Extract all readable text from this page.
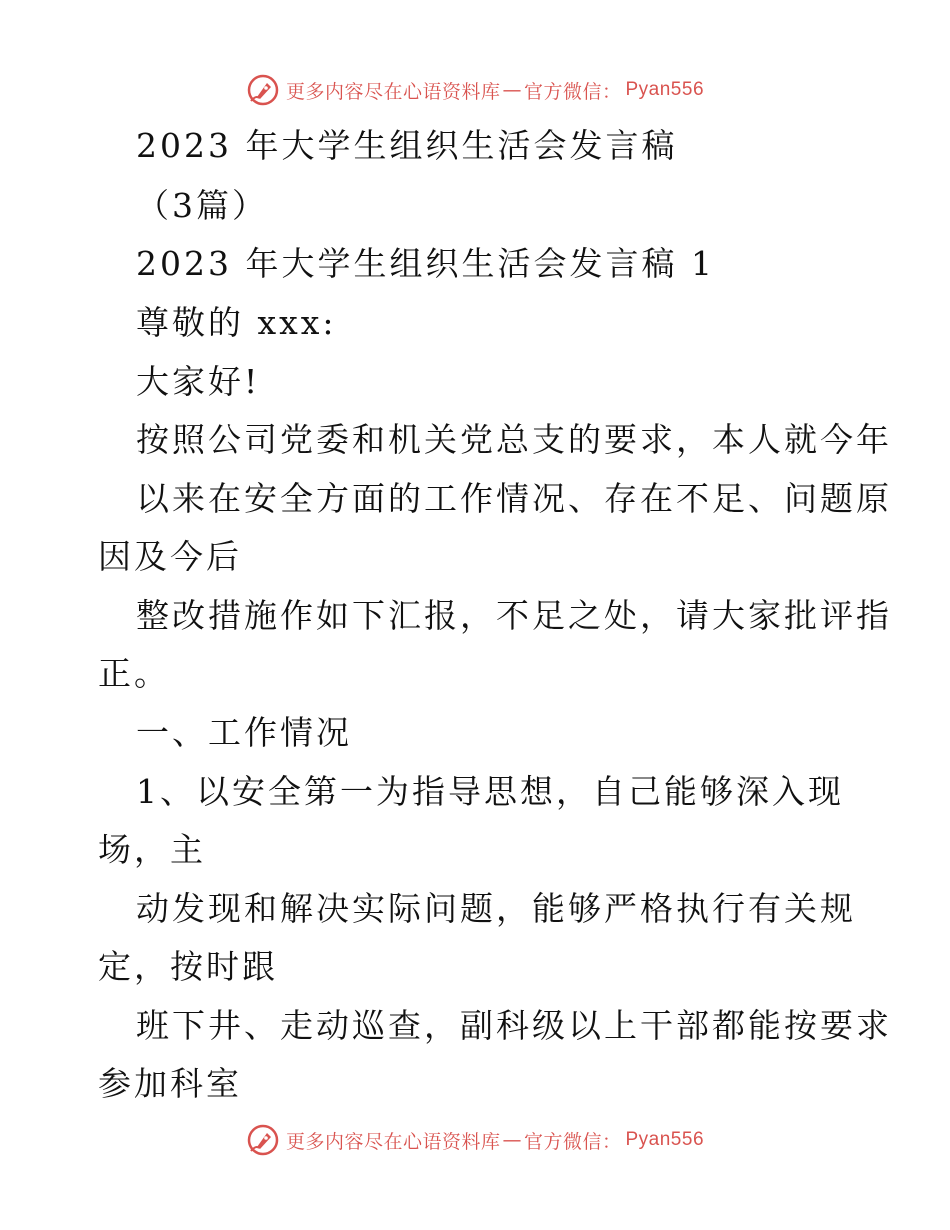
更多内容尽在心语资料库 — 官方微信： Pyan556
2023 年大学生组织生活会发言稿
（3篇）
2023 年大学生组织生活会发言稿 1
尊敬的 xxx:
大家好!
按照公司党委和机关党总支的要求，本人就今年
以来在安全方面的工作情况、存在不足、问题原
因及今后
整改措施作如下汇报，不足之处，请大家批评指
正。
一、工作情况
1、以安全第一为指导思想，自己能够深入现
场，主
动发现和解决实际问题，能够严格执行有关规
定，按时跟
班下井、走动巡查，副科级以上干部都能按要求
参加科室
更多内容尽在心语资料库 — 官方微信： Pyan556
